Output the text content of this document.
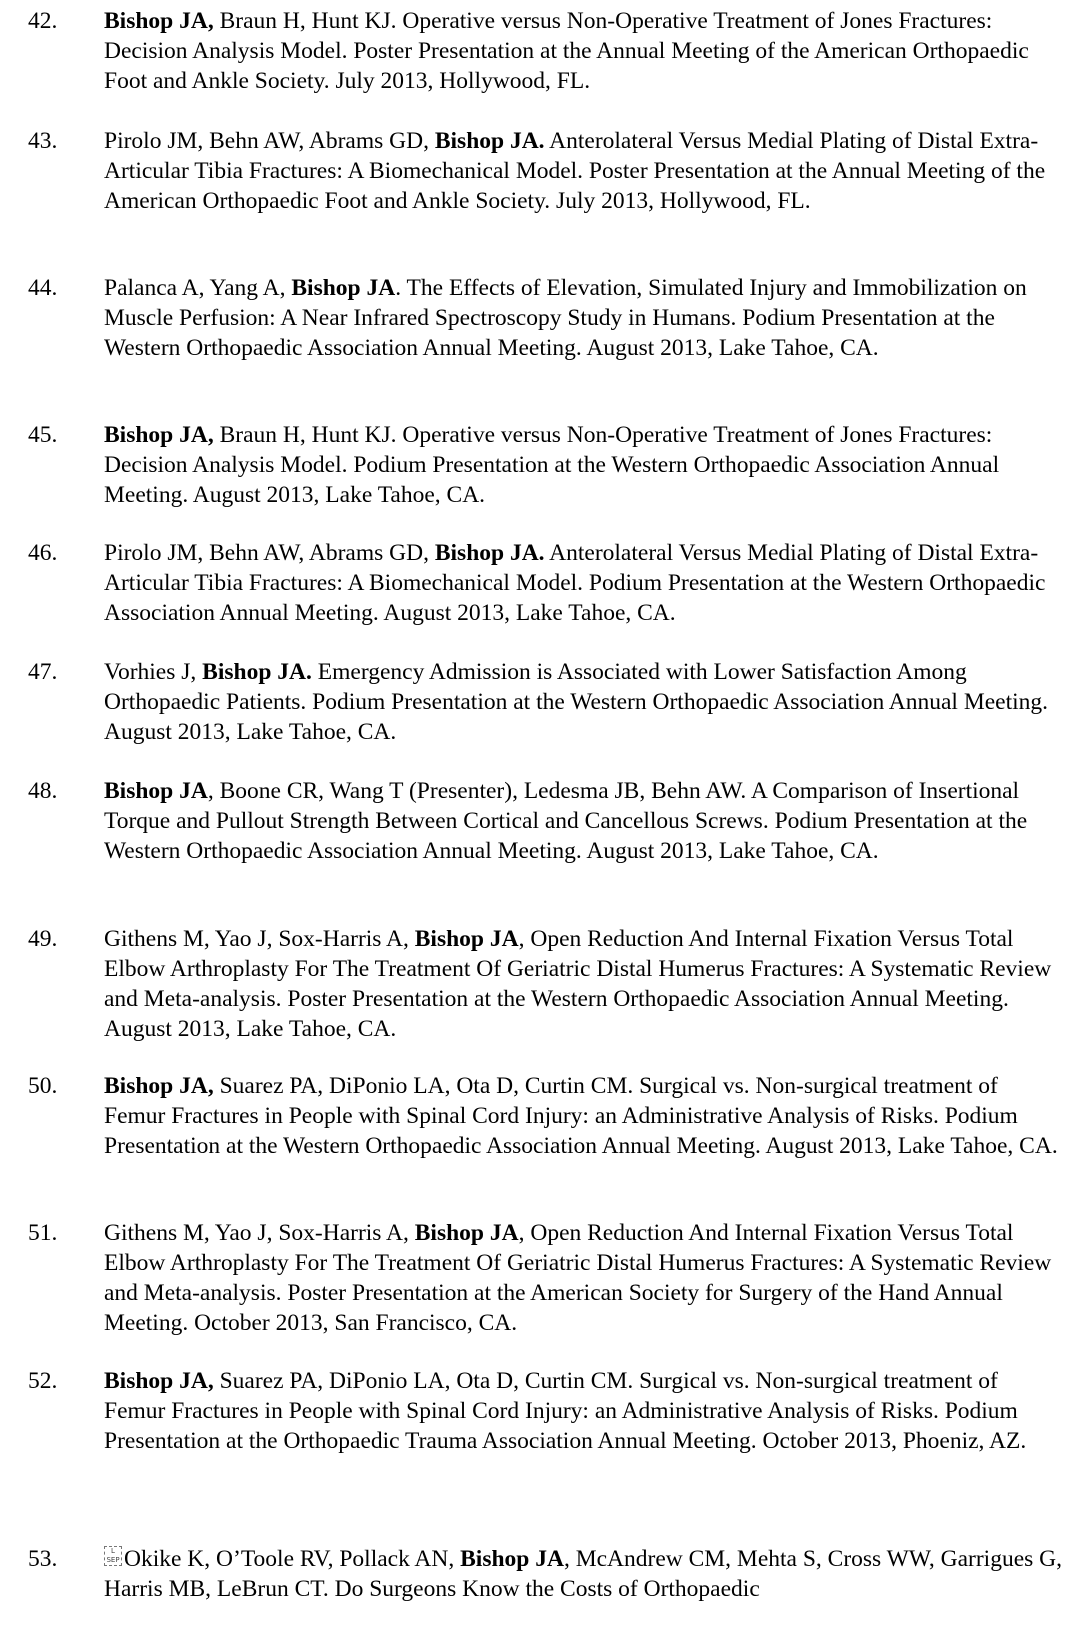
42.	Bishop JA, Braun H, Hunt KJ. Operative versus Non-Operative Treatment of Jones Fractures: Decision Analysis Model. Poster Presentation at the Annual Meeting of the American Orthopaedic Foot and Ankle Society. July 2013, Hollywood, FL.
43.	Pirolo JM, Behn AW, Abrams GD, Bishop JA. Anterolateral Versus Medial Plating of Distal Extra-Articular Tibia Fractures: A Biomechanical Model. Poster Presentation at the Annual Meeting of the American Orthopaedic Foot and Ankle Society. July 2013, Hollywood, FL.
44.	Palanca A, Yang A, Bishop JA. The Effects of Elevation, Simulated Injury and Immobilization on Muscle Perfusion: A Near Infrared Spectroscopy Study in Humans. Podium Presentation at the Western Orthopaedic Association Annual Meeting. August 2013, Lake Tahoe, CA.
45.	Bishop JA, Braun H, Hunt KJ. Operative versus Non-Operative Treatment of Jones Fractures: Decision Analysis Model. Podium Presentation at the Western Orthopaedic Association Annual Meeting. August 2013, Lake Tahoe, CA.
46.	Pirolo JM, Behn AW, Abrams GD, Bishop JA. Anterolateral Versus Medial Plating of Distal Extra-Articular Tibia Fractures: A Biomechanical Model. Podium Presentation at the Western Orthopaedic Association Annual Meeting. August 2013, Lake Tahoe, CA.
47.	Vorhies J, Bishop JA. Emergency Admission is Associated with Lower Satisfaction Among Orthopaedic Patients. Podium Presentation at the Western Orthopaedic Association Annual Meeting. August 2013, Lake Tahoe, CA.
48.	Bishop JA, Boone CR, Wang T (Presenter), Ledesma JB, Behn AW. A Comparison of Insertional Torque and Pullout Strength Between Cortical and Cancellous Screws. Podium Presentation at the Western Orthopaedic Association Annual Meeting. August 2013, Lake Tahoe, CA.
49.	Githens M, Yao J, Sox-Harris A, Bishop JA, Open Reduction And Internal Fixation Versus Total Elbow Arthroplasty For The Treatment Of Geriatric Distal Humerus Fractures: A Systematic Review and Meta-analysis. Poster Presentation at the Western Orthopaedic Association Annual Meeting. August 2013, Lake Tahoe, CA.
50.	Bishop JA, Suarez PA, DiPonio LA, Ota D, Curtin CM. Surgical vs. Non-surgical treatment of Femur Fractures in People with Spinal Cord Injury: an Administrative Analysis of Risks. Podium Presentation at the Western Orthopaedic Association Annual Meeting. August 2013, Lake Tahoe, CA.
51.	Githens M, Yao J, Sox-Harris A, Bishop JA, Open Reduction And Internal Fixation Versus Total Elbow Arthroplasty For The Treatment Of Geriatric Distal Humerus Fractures: A Systematic Review and Meta-analysis. Poster Presentation at the American Society for Surgery of the Hand Annual Meeting. October 2013, San Francisco, CA.
52.	Bishop JA, Suarez PA, DiPonio LA, Ota D, Curtin CM. Surgical vs. Non-surgical treatment of Femur Fractures in People with Spinal Cord Injury: an Administrative Analysis of Risks. Podium Presentation at the Orthopaedic Trauma Association Annual Meeting. October 2013, Phoeniz, AZ.
53.	L SEP Okike K, O’Toole RV, Pollack AN, Bishop JA, McAndrew CM, Mehta S, Cross WW, Garrigues G, Harris MB, LeBrun CT. Do Surgeons Know the Costs of Orthopaedic
